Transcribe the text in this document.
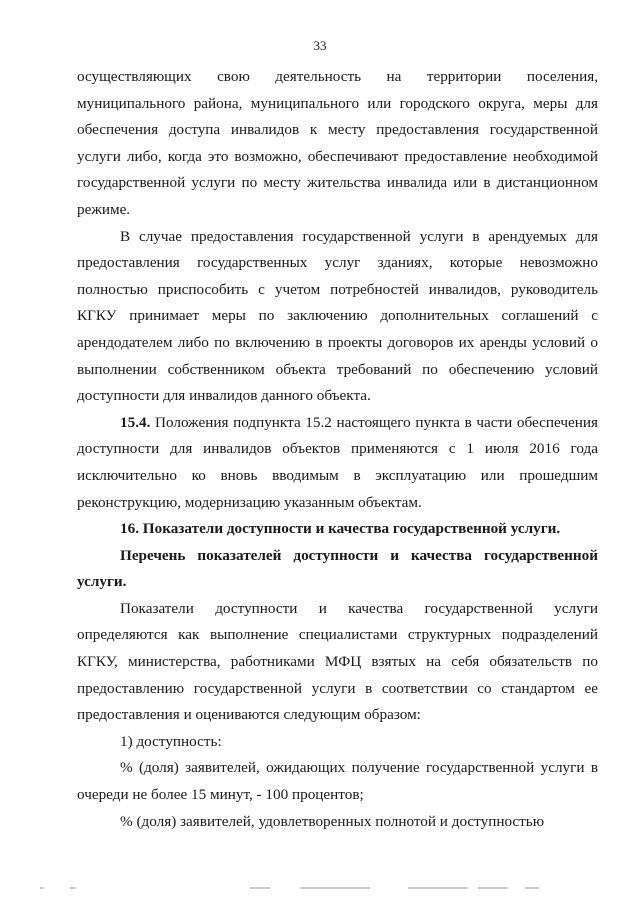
33

осуществляющих свою деятельность на территории поселения, муниципального района, муниципального или городского округа, меры для обеспечения доступа инвалидов к месту предоставления государственной услуги либо, когда это возможно, обеспечивают предоставление необходимой государственной услуги по месту жительства инвалида или в дистанционном режиме.

В случае предоставления государственной услуги в арендуемых для предоставления государственных услуг зданиях, которые невозможно полностью приспособить с учетом потребностей инвалидов, руководитель КГКУ принимает меры по заключению дополнительных соглашений с арендодателем либо по включению в проекты договоров их аренды условий о выполнении собственником объекта требований по обеспечению условий доступности для инвалидов данного объекта.

15.4. Положения подпункта 15.2 настоящего пункта в части обеспечения доступности для инвалидов объектов применяются с 1 июля 2016 года исключительно ко вновь вводимым в эксплуатацию или прошедшим реконструкцию, модернизацию указанным объектам.

16. Показатели доступности и качества государственной услуги.

Перечень показателей доступности и качества государственной услуги.

Показатели доступности и качества государственной услуги определяются как выполнение специалистами структурных подразделений КГКУ, министерства, работниками МФЦ взятых на себя обязательств по предоставлению государственной услуги в соответствии со стандартом ее предоставления и оцениваются следующим образом:

1) доступность:

% (доля) заявителей, ожидающих получение государственной услуги в очереди не более 15 минут, - 100 процентов;

% (доля) заявителей, удовлетворенных полнотой и доступностью
